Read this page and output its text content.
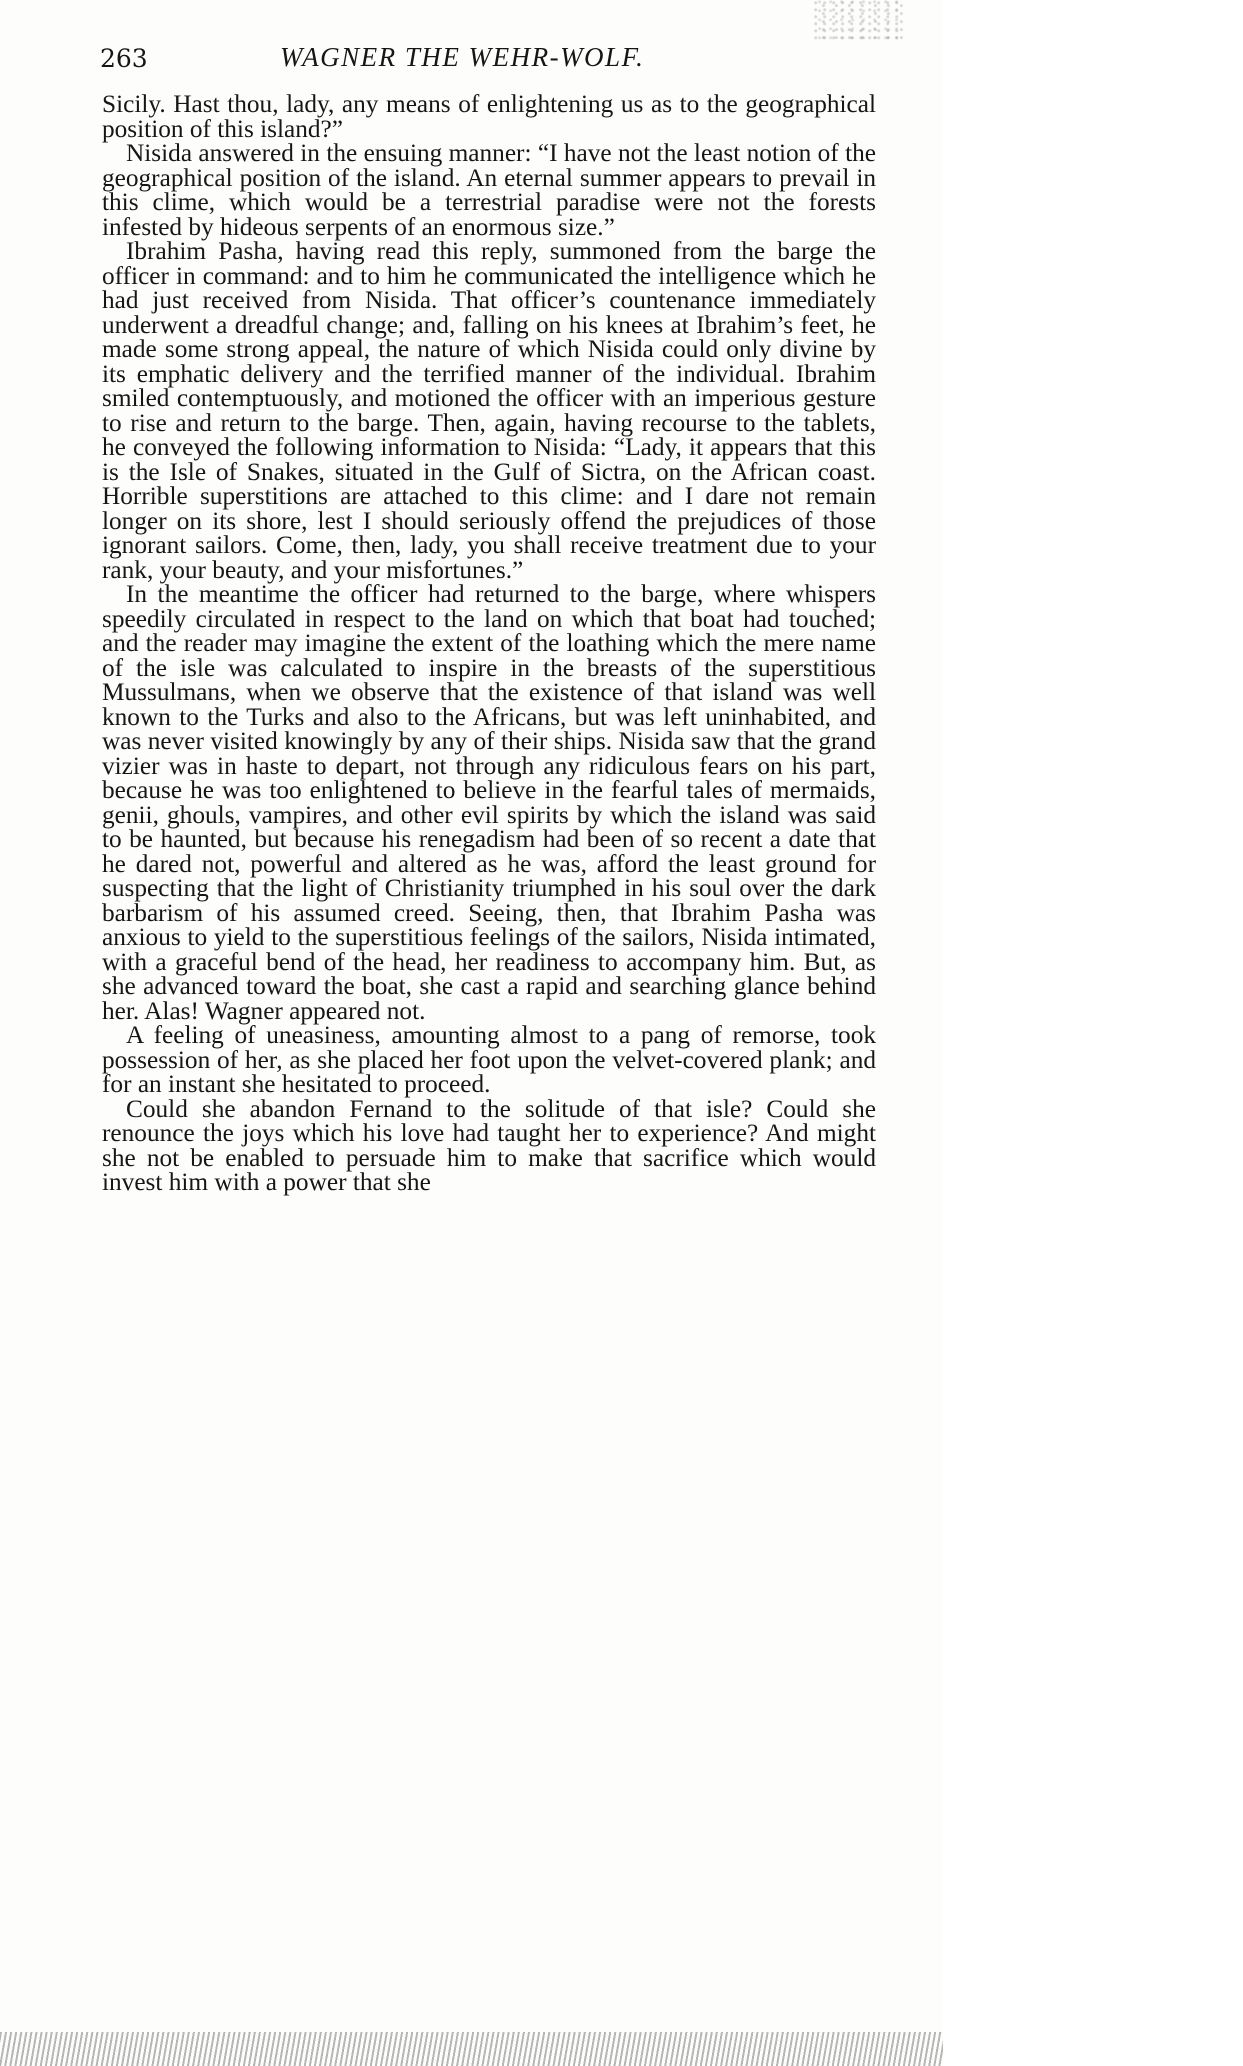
263	WAGNER THE WEHR-WOLF.

Sicily. Hast thou, lady, any means of enlightening us as to the geographical position of this island?”

Nisida answered in the ensuing manner: “I have not the least notion of the geographical position of the island. An eternal summer appears to prevail in this clime, which would be a terrestrial paradise were not the forests infested by hideous serpents of an enormous size.”

Ibrahim Pasha, having read this reply, summoned from the barge the officer in command: and to him he communicated the intelligence which he had just received from Nisida. That officer’s countenance immediately underwent a dreadful change; and, falling on his knees at Ibrahim’s feet, he made some strong appeal, the nature of which Nisida could only divine by its emphatic delivery and the terrified manner of the individual. Ibrahim smiled contemptuously, and motioned the officer with an imperious gesture to rise and return to the barge. Then, again, having recourse to the tablets, he conveyed the following information to Nisida: “Lady, it appears that this is the Isle of Snakes, situated in the Gulf of Sictra, on the African coast. Horrible superstitions are attached to this clime: and I dare not remain longer on its shore, lest I should seriously offend the prejudices of those ignorant sailors. Come, then, lady, you shall receive treatment due to your rank, your beauty, and your misfortunes.”

In the meantime the officer had returned to the barge, where whispers speedily circulated in respect to the land on which that boat had touched; and the reader may imagine the extent of the loathing which the mere name of the isle was calculated to inspire in the breasts of the superstitious Mussulmans, when we observe that the existence of that island was well known to the Turks and also to the Africans, but was left uninhabited, and was never visited knowingly by any of their ships. Nisida saw that the grand vizier was in haste to depart, not through any ridiculous fears on his part, because he was too enlightened to believe in the fearful tales of mermaids, genii, ghouls, vampires, and other evil spirits by which the island was said to be haunted, but because his renegadism had been of so recent a date that he dared not, powerful and altered as he was, afford the least ground for suspecting that the light of Christianity triumphed in his soul over the dark barbarism of his assumed creed. Seeing, then, that Ibrahim Pasha was anxious to yield to the superstitious feelings of the sailors, Nisida intimated, with a graceful bend of the head, her readiness to accompany him. But, as she advanced toward the boat, she cast a rapid and searching glance behind her. Alas! Wagner appeared not.

A feeling of uneasiness, amounting almost to a pang of remorse, took possession of her, as she placed her foot upon the velvet-covered plank; and for an instant she hesitated to proceed.

Could she abandon Fernand to the solitude of that isle? Could she renounce the joys which his love had taught her to experience? And might she not be enabled to persuade him to make that sacrifice which would invest him with a power that she
